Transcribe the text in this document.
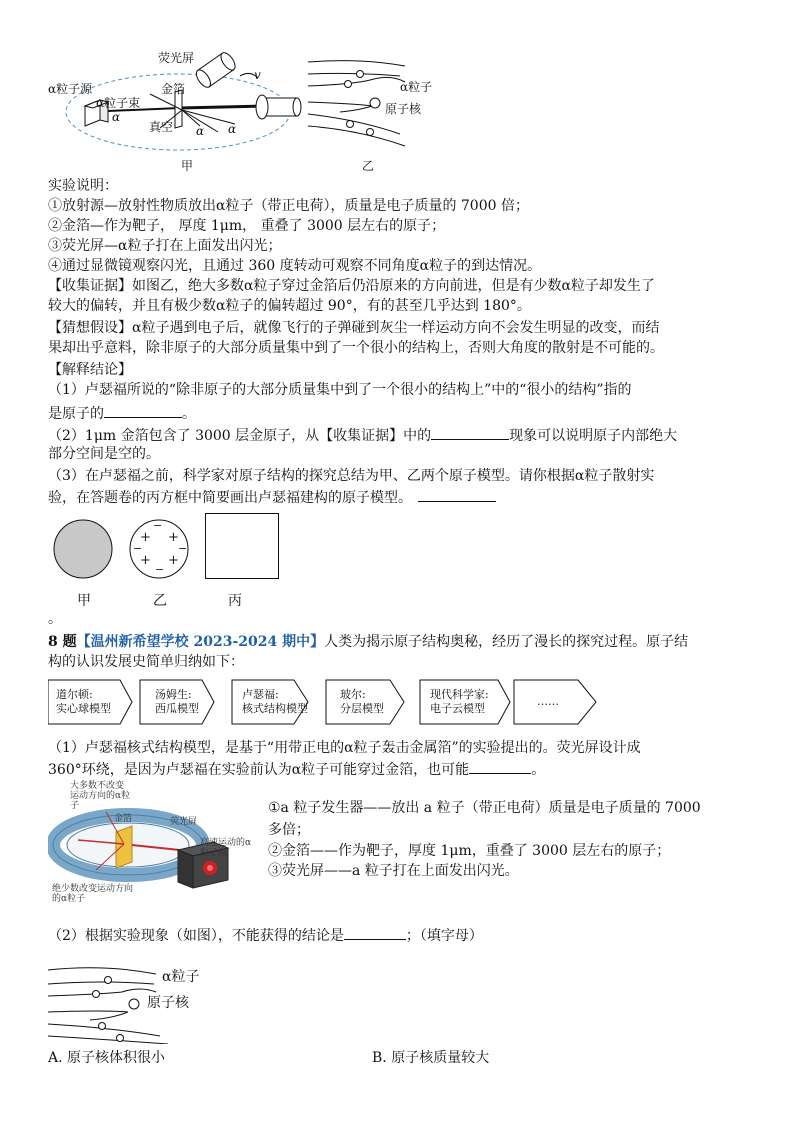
荧光屏
α粒子源	金箔
α粒子束
真空
v
α
α α
甲
α粒子
原子核
乙
实验说明：
①放射源—放射性物质放出α粒子（带正电荷），质量是电子质量的 7000 倍；
②金箔—作为靶子， 厚度 1μm， 重叠了 3000 层左右的原子；
③荧光屏—α粒子打在上面发出闪光；
④通过显微镜观察闪光，且通过 360 度转动可观察不同角度α粒子的到达情况。
【收集证据】如图乙，绝大多数α粒子穿过金箔后仍沿原来的方向前进，但是有少数α粒子却发生了
较大的偏转，并且有极少数α粒子的偏转超过 90°，有的甚至几乎达到 180°。
【猜想假设】α粒子遇到电子后，就像飞行的子弹碰到灰尘一样运动方向不会发生明显的改变，而结
果却出乎意料，除非原子的大部分质量集中到了一个很小的结构上，否则大角度的散射是不可能的。
【解释结论】
（1）卢瑟福所说的“除非原子的大部分质量集中到了一个很小的结构上”中的“很小的结构”指的
是原子的	。
（2）1μm 金箔包含了 3000 层金原子，从【收集证据】中的	现象可以说明原子内部绝大
部分空间是空的。
（3）在卢瑟福之前，科学家对原子结构的探究总结为甲、乙两个原子模型。请你根据α粒子散射实
验，在答题卷的丙方框中简要画出卢瑟福建构的原子模型。
−
+ +
−	−
+ +
−
甲	乙	丙
。
8 题【温州新希望学校 2023-2024 期中】人类为揭示原子结构奥秘，经历了漫长的探究过程。原子结
构的认识发展史简单归纳如下：
道尔顿:
实心球模型
汤姆生:
西瓜模型
卢瑟福:
核式结构模型
玻尔:
分层模型
现代科学家:
电子云模型
……
（1）卢瑟福核式结构模型，是基于“用带正电的α粒子轰击金属箔”的实验提出的。荧光屏设计成
360°环绕，是因为卢瑟福在实验前认为α粒子可能穿过金箔，也可能	。
大多数不改变运动方向的α粒子
金箔	荧光屏
高速运动的α粒子流
绝少数改变运动方向的α粒子
①a 粒子发生器——放出 a 粒子（带正电荷）质量是电子质量的 7000
多倍；
②金箔——作为靶子，厚度 1μm，重叠了 3000 层左右的原子；
③荧光屏——a 粒子打在上面发出闪光。
（2）根据实验现象（如图），不能获得的结论是	；（填字母）
α粒子
原子核
A. 原子核体积很小	B. 原子核质量较大
